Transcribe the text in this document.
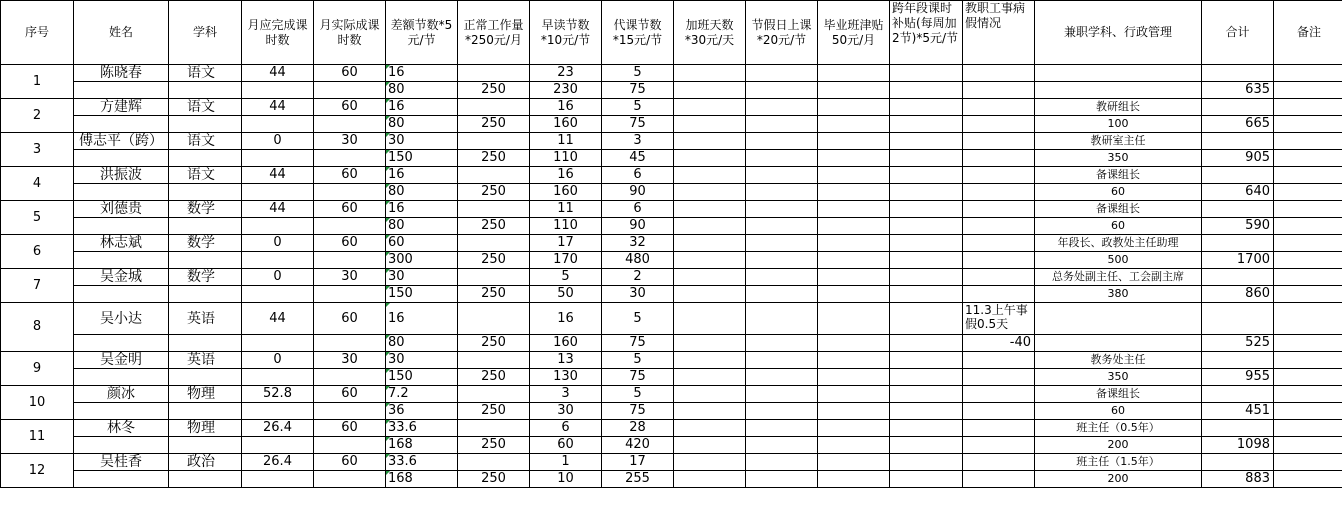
序号	姓名	学科	月应完成课时数	月实际成课时数	差额节数*5元/节	正常工作量*250元/月	早读节数*10元/节	代课节数*15元/节	加班天数*30元/天	节假日上课*20元/节	毕业班津贴50元/月	跨年段课时补贴(每周加2节)*5元/节	教职工事病假情况	兼职学科、行政管理	合计	备注
1	陈晓春	语文	44	60	16		23	5								
					80	250	230	75							635	
2	方建辉	语文	44	60	16		16	5						教研组长		
					80	250	160	75						100	665	
3	傅志平（跨）	语文	0	30	30		11	3						教研室主任		
					150	250	110	45						350	905	
4	洪振波	语文	44	60	16		16	6						备课组长		
					80	250	160	90						60	640	
5	刘德贵	数学	44	60	16		11	6						备课组长		
					80	250	110	90						60	590	
6	林志斌	数学	0	60	60		17	32						年段长、政教处主任助理		
					300	250	170	480						500	1700	
7	吴金城	数学	0	30	30		5	2						总务处副主任、工会副主席		
					150	250	50	30						380	860	
8	吴小达	英语	44	60	16		16	5					11.3上午事假0.5天			
					80	250	160	75					-40		525	
9	吴金明	英语	0	30	30		13	5						教务处主任		
					150	250	130	75						350	955	
10	颜冰	物理	52.8	60	7.2		3	5						备课组长		
					36	250	30	75						60	451	
11	林冬	物理	26.4	60	33.6		6	28						班主任（0.5年）		
					168	250	60	420						200	1098	
12	吴桂香	政治	26.4	60	33.6		1	17						班主任（1.5年）		
					168	250	10	255						200	883	
